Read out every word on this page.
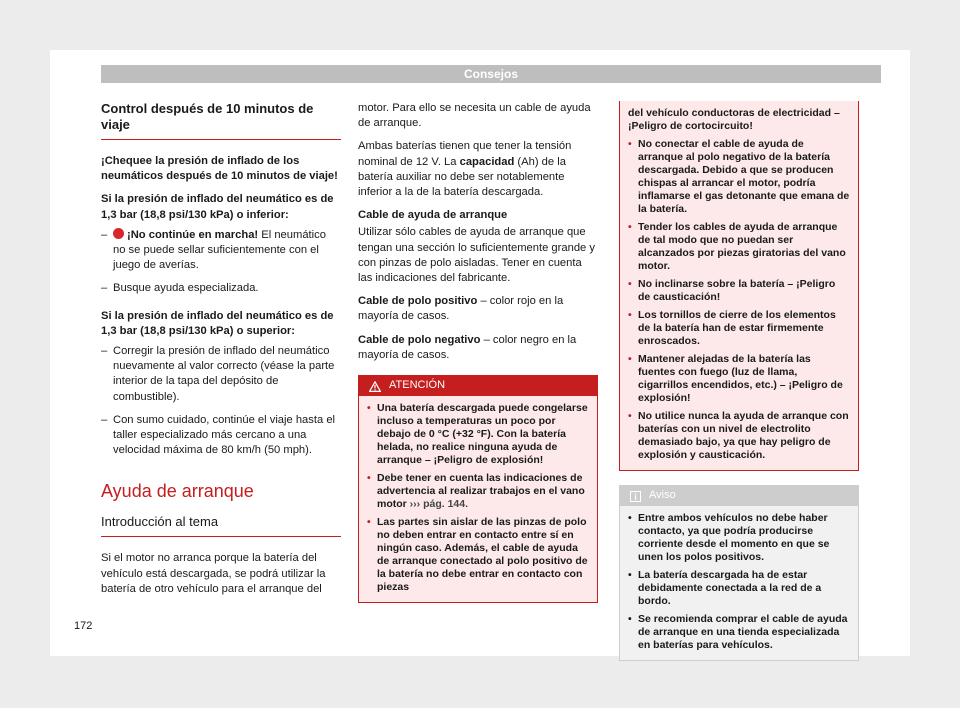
Consejos
Control después de 10 minutos de viaje

¡Chequee la presión de inflado de los neumáticos después de 10 minutos de viaje!

Si la presión de inflado del neumático es de 1,3 bar (18,8 psi/130 kPa) o inferior:

– ¡No continúe en marcha! El neumático no se puede sellar suficientemente con el juego de averías.
– Busque ayuda especializada.

Si la presión de inflado del neumático es de 1,3 bar (18,8 psi/130 kPa) o superior:

– Corregir la presión de inflado del neumático nuevamente al valor correcto (véase la parte interior de la tapa del depósito de combustible).
– Con sumo cuidado, continúe el viaje hasta el taller especializado más cercano a una velocidad máxima de 80 km/h (50 mph).
Ayuda de arranque
Introducción al tema

Si el motor no arranca porque la batería del vehículo está descargada, se podrá utilizar la batería de otro vehículo para el arranque del

motor. Para ello se necesita un cable de ayuda de arranque.

Ambas baterías tienen que tener la tensión nominal de 12 V. La capacidad (Ah) de la batería auxiliar no debe ser notablemente inferior a la de la batería descargada.

Cable de ayuda de arranque

Utilizar sólo cables de ayuda de arranque que tengan una sección lo suficientemente grande y con pinzas de polo aisladas. Tener en cuenta las indicaciones del fabricante.

Cable de polo positivo – color rojo en la mayoría de casos.

Cable de polo negativo – color negro en la mayoría de casos.

ATENCIÓN
• Una batería descargada puede congelarse incluso a temperaturas un poco por debajo de 0 °C (+32 °F). Con la batería helada, no realice ninguna ayuda de arranque – ¡Peligro de explosión!
• Debe tener en cuenta las indicaciones de advertencia al realizar trabajos en el vano motor ››› pág. 144.
• Las partes sin aislar de las pinzas de polo no deben entrar en contacto entre sí en ningún caso. Además, el cable de ayuda de arranque conectado al polo positivo de la batería no debe entrar en contacto con piezas

del vehículo conductoras de electricidad – ¡Peligro de cortocircuito!

• No conectar el cable de ayuda de arranque al polo negativo de la batería descargada. Debido a que se producen chispas al arrancar el motor, podría inflamarse el gas detonante que emana de la batería.
• Tender los cables de ayuda de arranque de tal modo que no puedan ser alcanzados por piezas giratorias del vano motor.
• No inclinarse sobre la batería – ¡Peligro de causticación!
• Los tornillos de cierre de los elementos de la batería han de estar firmemente enroscados.
• Mantener alejadas de la batería las fuentes con fuego (luz de llama, cigarrillos encendidos, etc.) – ¡Peligro de explosión!
• No utilice nunca la ayuda de arranque con baterías con un nivel de electrolito demasiado bajo, ya que hay peligro de explosión y causticación.
Aviso
• Entre ambos vehículos no debe haber contacto, ya que podría producirse corriente desde el momento en que se unen los polos positivos.
• La batería descargada ha de estar debidamente conectada a la red de a bordo.
• Se recomienda comprar el cable de ayuda de arranque en una tienda especializada en baterías para vehículos.
172
